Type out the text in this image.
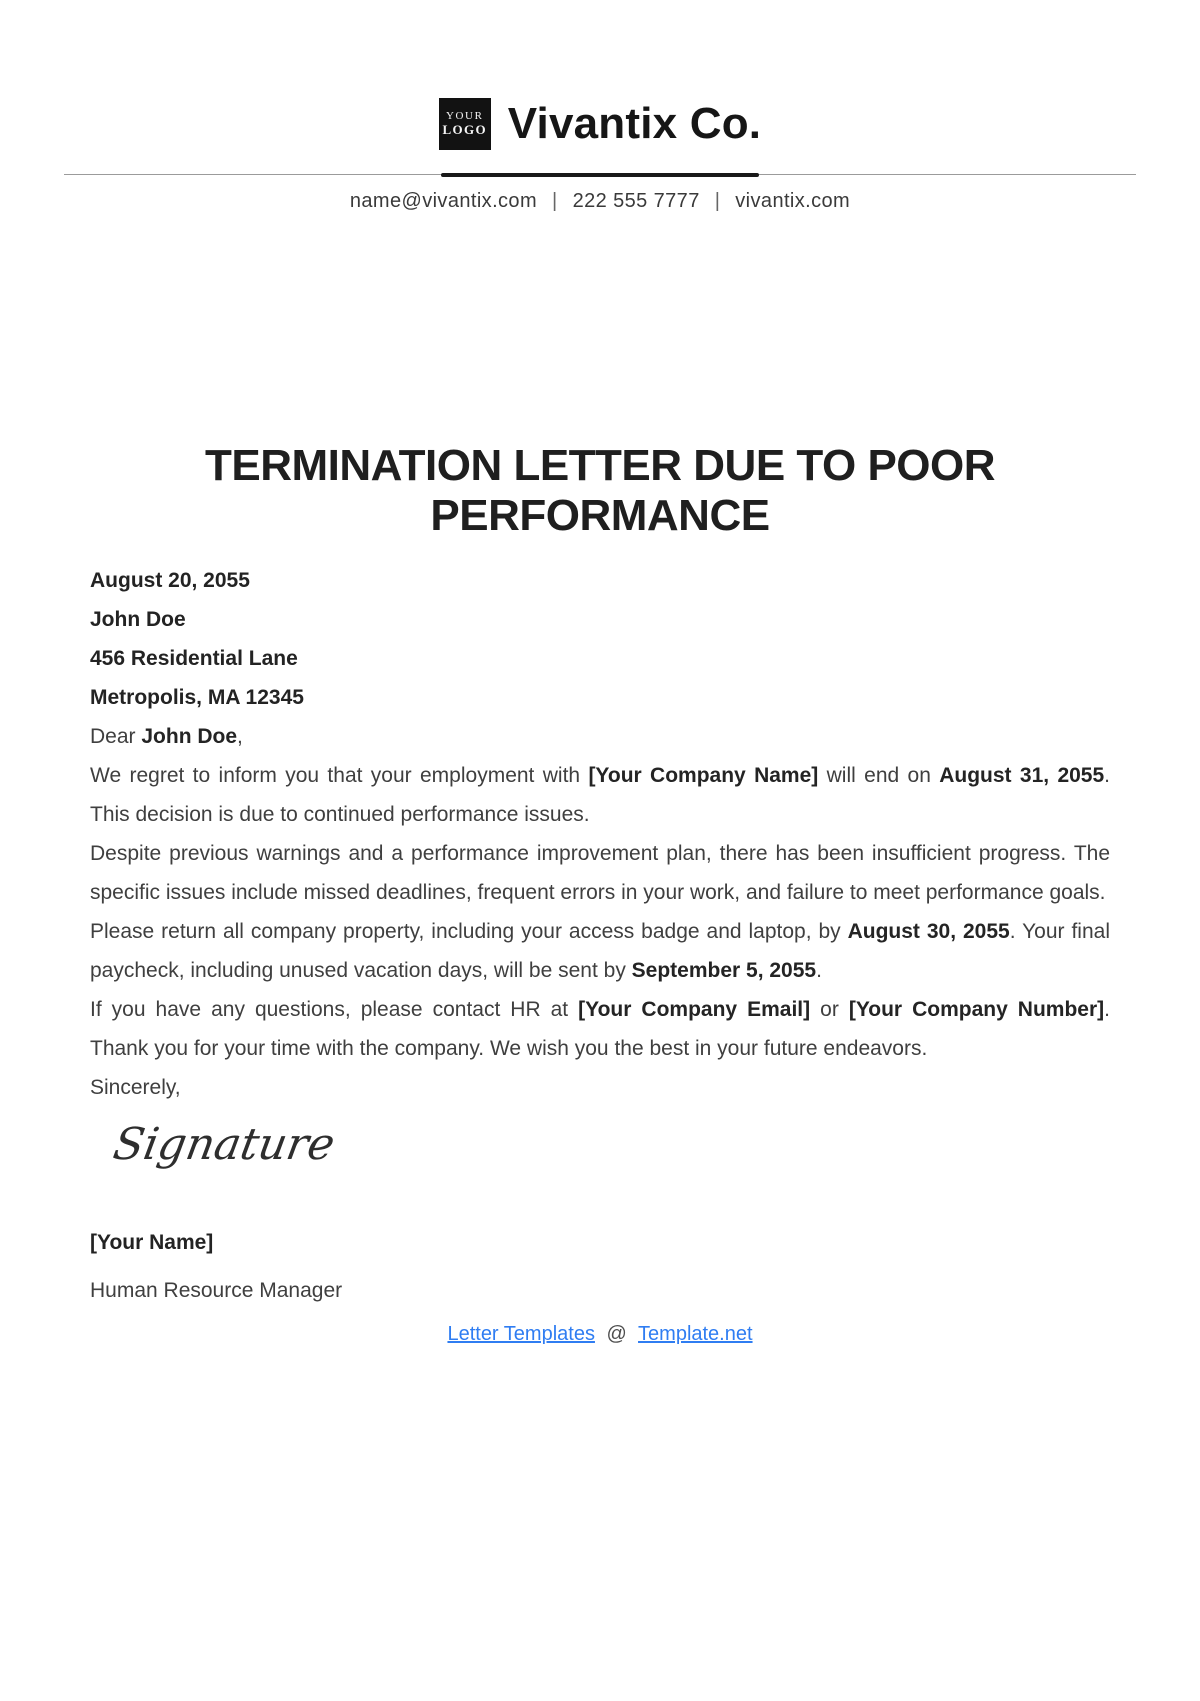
YOUR
LOGO Vivantix Co.
name@vivantix.com | 222 555 7777 | vivantix.com
TERMINATION LETTER DUE TO POOR PERFORMANCE
August 20, 2055
John Doe
456 Residential Lane
Metropolis, MA 12345

Dear John Doe,

We regret to inform you that your employment with [Your Company Name] will end on August 31, 2055. This decision is due to continued performance issues.

Despite previous warnings and a performance improvement plan, there has been insufficient progress. The specific issues include missed deadlines, frequent errors in your work, and failure to meet performance goals.

Please return all company property, including your access badge and laptop, by August 30, 2055. Your final paycheck, including unused vacation days, will be sent by September 5, 2055.

If you have any questions, please contact HR at [Your Company Email] or [Your Company Number]. Thank you for your time with the company. We wish you the best in your future endeavors.

Sincerely,

Signature
[Your Name]
Human Resource Manager
Letter Templates @ Template.net
